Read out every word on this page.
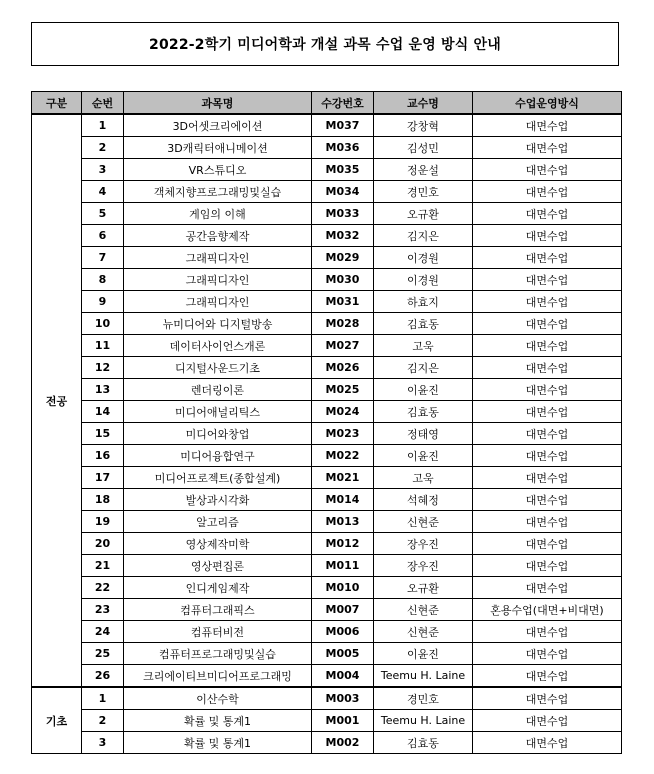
2022-2학기 미디어학과 개설 과목 수업 운영 방식 안내
구분	순번	과목명	수강번호	교수명	수업운영방식
전공	1	3D어셋크리에이션	M037	강창혁	대면수업
	2	3D캐릭터애니메이션	M036	김성민	대면수업
	3	VR스튜디오	M035	정운설	대면수업
	4	객체지향프로그래밍및실습	M034	경민호	대면수업
	5	게임의 이해	M033	오규환	대면수업
	6	공간음향제작	M032	김지은	대면수업
	7	그래픽디자인	M029	이경원	대면수업
	8	그래픽디자인	M030	이경원	대면수업
	9	그래픽디자인	M031	하효지	대면수업
	10	뉴미디어와 디지털방송	M028	김효동	대면수업
	11	데이터사이언스개론	M027	고욱	대면수업
	12	디지털사운드기초	M026	김지은	대면수업
	13	렌더링이론	M025	이윤진	대면수업
	14	미디어애널리틱스	M024	김효동	대면수업
	15	미디어와창업	M023	정태영	대면수업
	16	미디어융합연구	M022	이윤진	대면수업
	17	미디어프로젝트(종합설계)	M021	고욱	대면수업
	18	발상과시각화	M014	석혜정	대면수업
	19	알고리즘	M013	신현준	대면수업
	20	영상제작미학	M012	장우진	대면수업
	21	영상편집론	M011	장우진	대면수업
	22	인디게임제작	M010	오규환	대면수업
	23	컴퓨터그래픽스	M007	신현준	혼용수업(대면+비대면)
	24	컴퓨터비전	M006	신현준	대면수업
	25	컴퓨터프로그래밍및실습	M005	이윤진	대면수업
	26	크리에이티브미디어프로그래밍	M004	Teemu H. Laine	대면수업
기초	1	이산수학	M003	경민호	대면수업
	2	확률 및 통계1	M001	Teemu H. Laine	대면수업
	3	확률 및 통계1	M002	김효동	대면수업
